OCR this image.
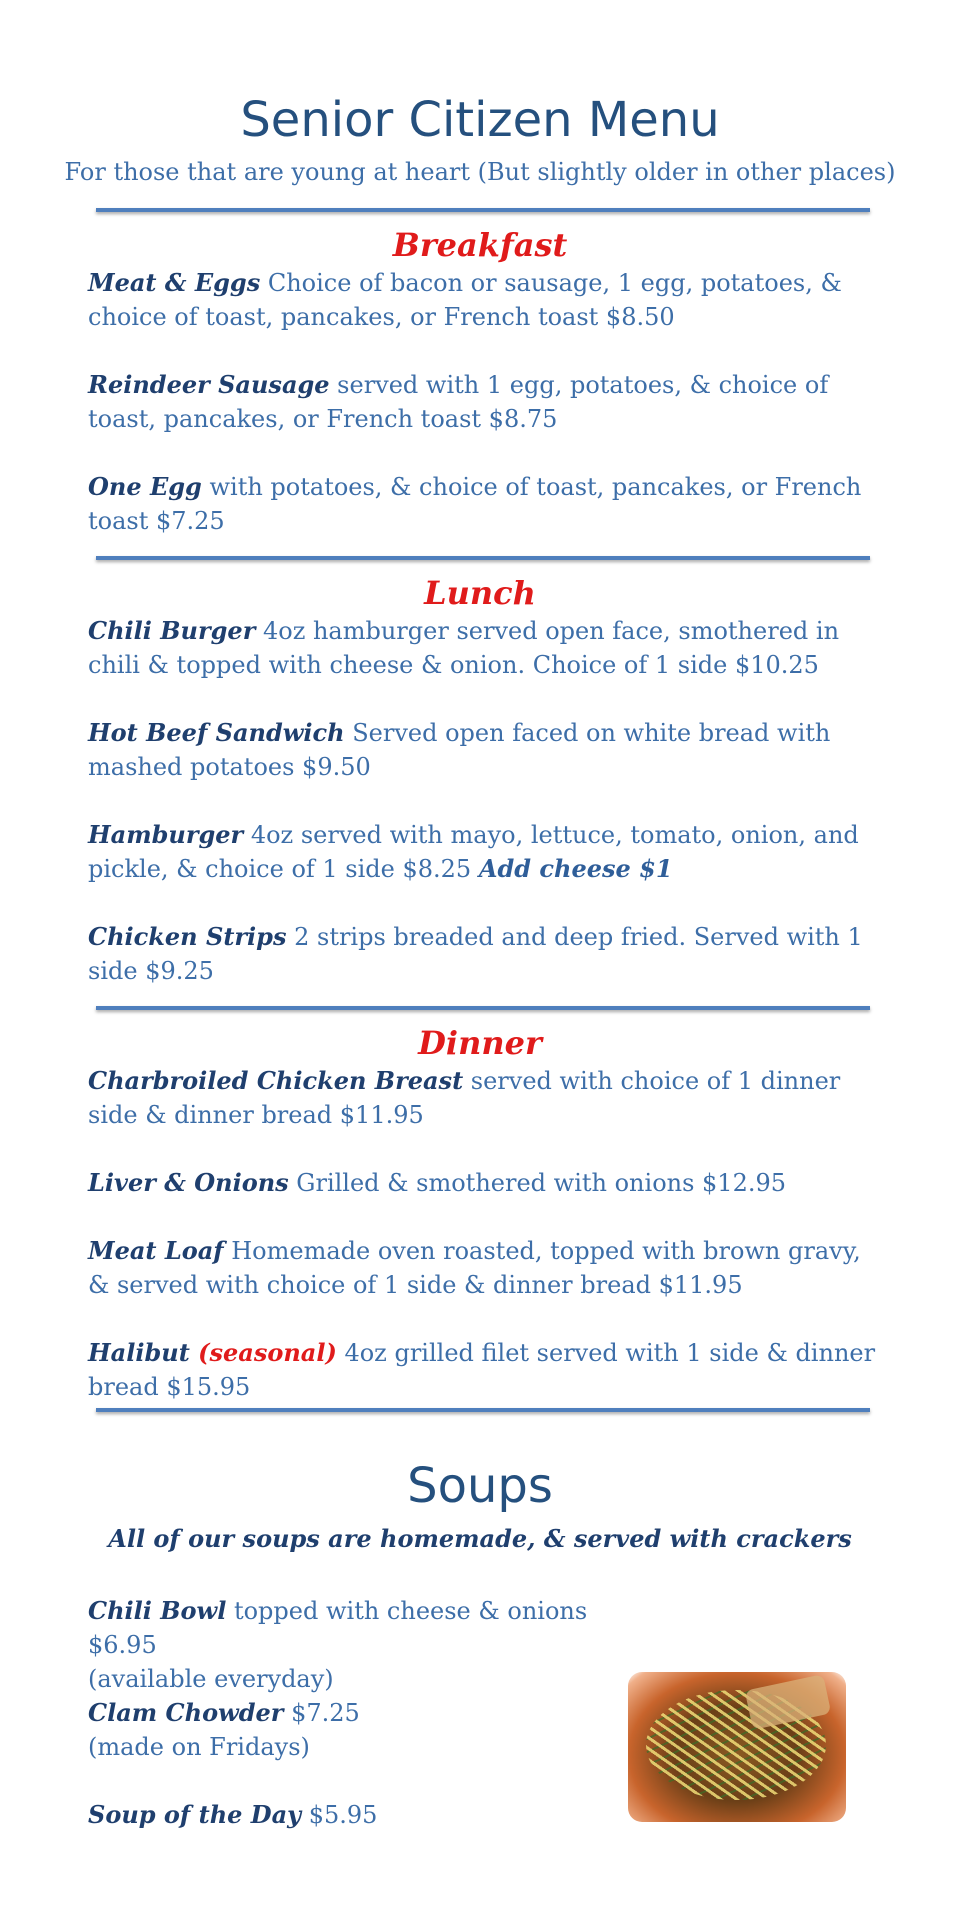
Senior Citizen Menu
For those that are young at heart (But slightly older in other places)
Breakfast
Meat & Eggs Choice of bacon or sausage, 1 egg, potatoes, & choice of toast, pancakes, or French toast $8.50
Reindeer Sausage served with 1 egg, potatoes, & choice of toast, pancakes, or French toast $8.75
One Egg with potatoes, & choice of toast, pancakes, or French toast $7.25
Lunch
Chili Burger 4oz hamburger served open face, smothered in chili & topped with cheese & onion. Choice of 1 side $10.25
Hot Beef Sandwich Served open faced on white bread with mashed potatoes $9.50
Hamburger 4oz served with mayo, lettuce, tomato, onion, and pickle, & choice of 1 side $8.25 Add cheese $1
Chicken Strips 2 strips breaded and deep fried. Served with 1 side $9.25
Dinner
Charbroiled Chicken Breast served with choice of 1 dinner side & dinner bread $11.95
Liver & Onions Grilled & smothered with onions $12.95
Meat Loaf Homemade oven roasted, topped with brown gravy, & served with choice of 1 side & dinner bread $11.95
Halibut (seasonal) 4oz grilled filet served with 1 side & dinner bread $15.95
Soups
All of our soups are homemade, & served with crackers
Chili Bowl topped with cheese & onions $6.95
(available everyday)
Clam Chowder $7.25
(made on Fridays)
Soup of the Day $5.95
